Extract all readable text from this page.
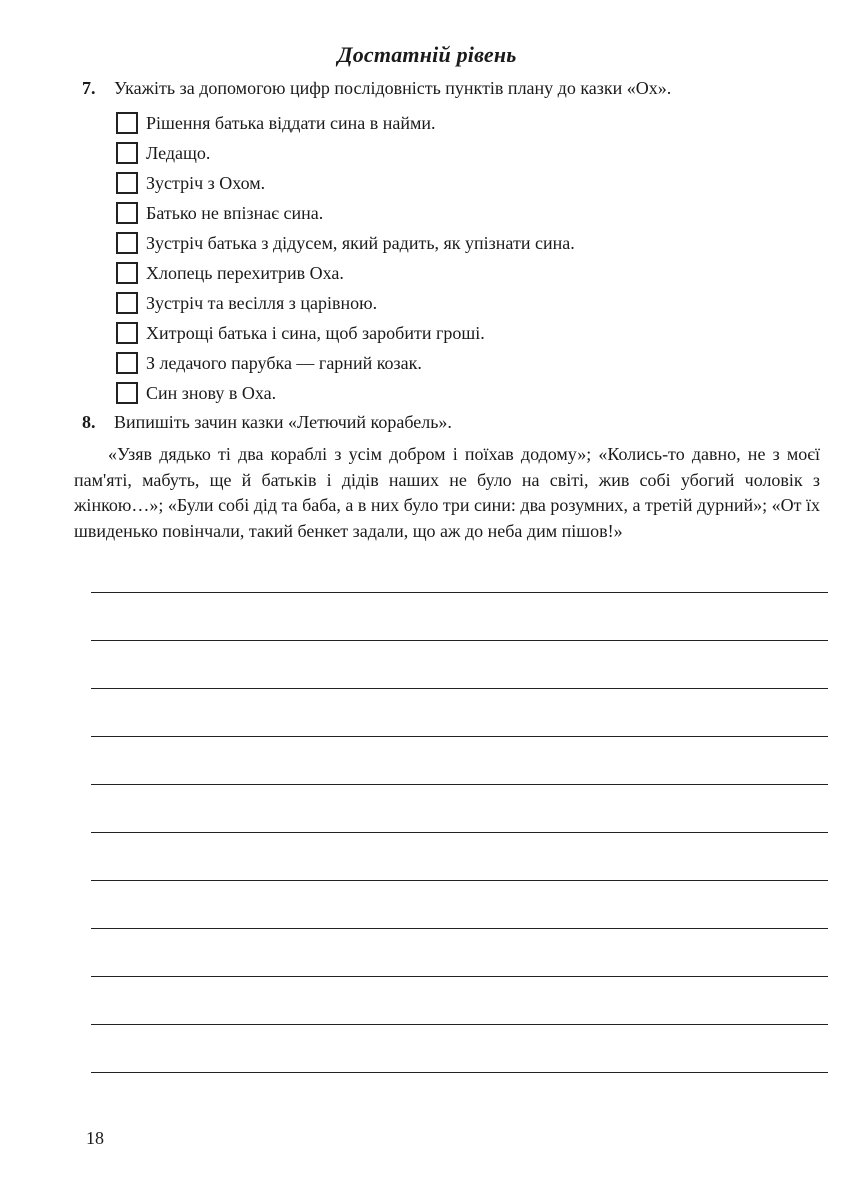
Достатній рівень
7. Укажіть за допомогою цифр послідовність пунктів плану до казки «Ох».
Рішення батька віддати сина в найми.
Ледащо.
Зустріч з Охом.
Батько не впізнає сина.
Зустріч батька з дідусем, який радить, як упізнати сина.
Хлопець перехитрив Оха.
Зустріч та весілля з царівною.
Хитрощі батька і сина, щоб заробити гроші.
З ледачого парубка — гарний козак.
Син знову в Оха.
8. Випишіть зачин казки «Летючий корабель».
«Узяв дядько ті два кораблі з усім добром і поїхав додому»; «Колись-то давно, не з моєї пам'яті, мабуть, ще й батьків і дідів наших не було на світі, жив собі убогий чоловік з жінкою…»; «Були собі дід та баба, а в них було три сини: два розумних, а третій дурний»; «От їх швиденько повінчали, такий бенкет задали, що аж до неба дим пішов!»
18
